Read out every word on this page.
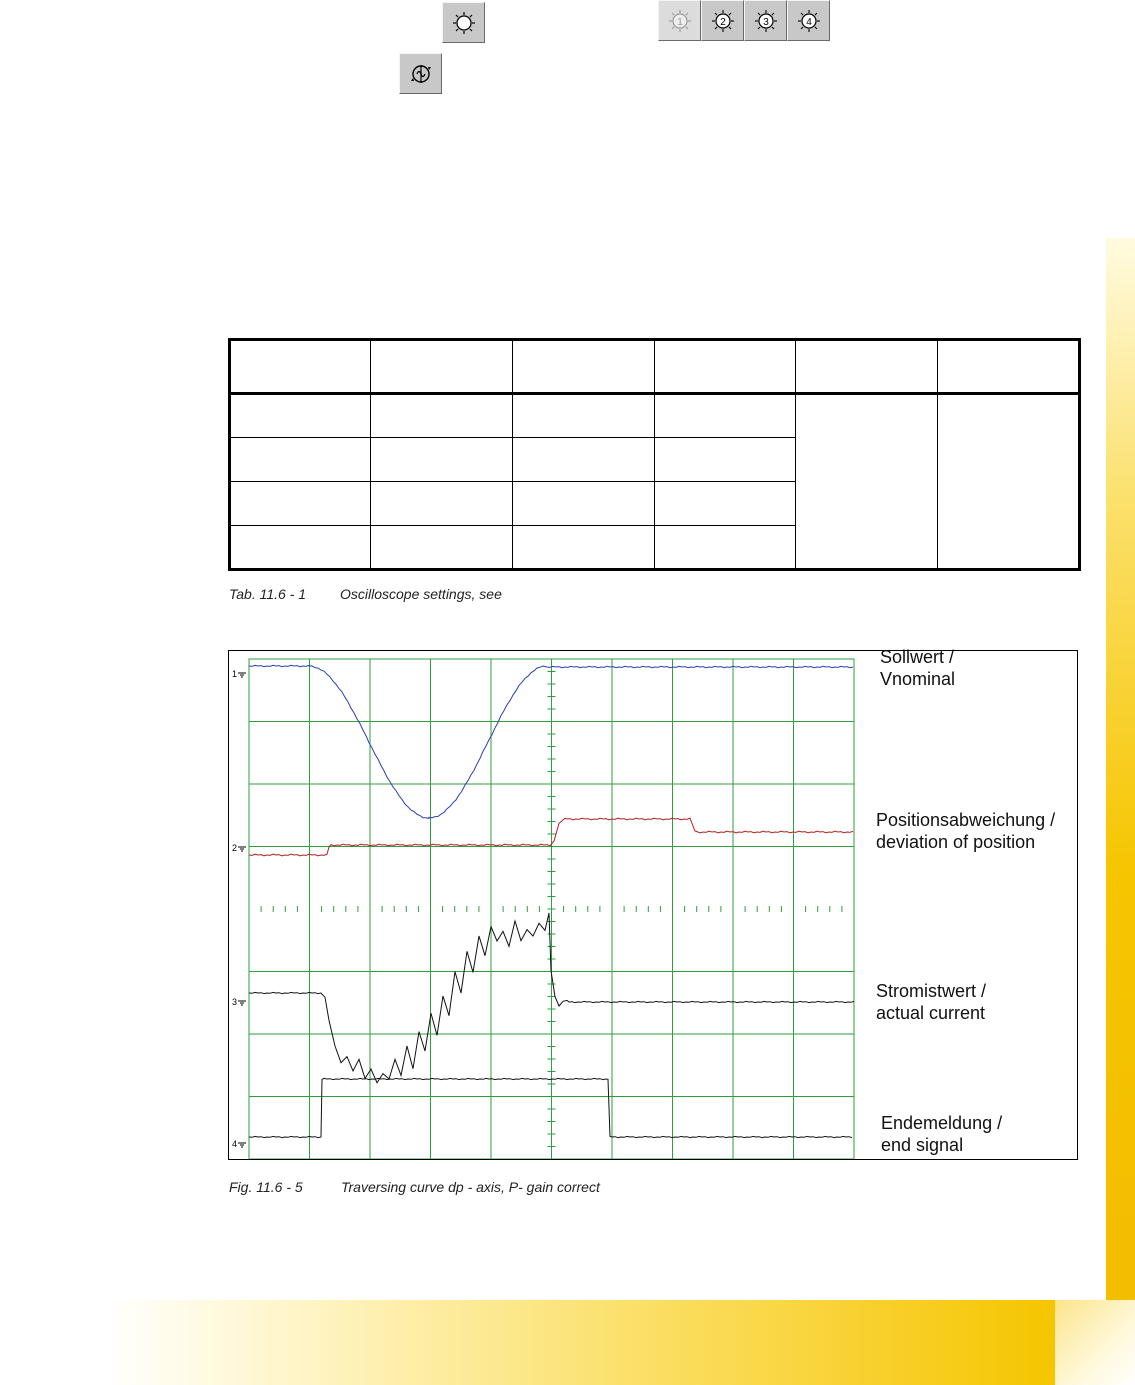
1	2	3	4

Tab. 11.6 - 1 Oscilloscope settings, see
1
2
3
4
Sollwert /
Vnominal
Positionsabweichung /
deviation of position
Stromistwert /
actual current
Endemeldung /
end signal
Fig. 11.6 - 5	Traversing curve dp - axis, P- gain correct
